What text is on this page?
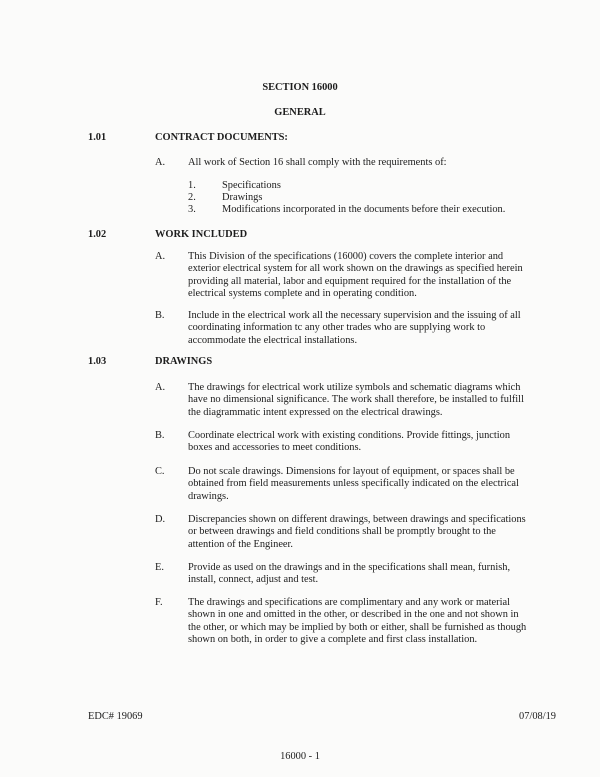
SECTION 16000
GENERAL
1.01	CONTRACT DOCUMENTS:
A. All work of Section 16 shall comply with the requirements of:
1.	Specifications
2.	Drawings
3.	Modifications incorporated in the documents before their execution.
1.02	WORK INCLUDED
A. This Division of the specifications (16000) covers the complete interior and
exterior electrical system for all work shown on the drawings as specified herein
providing all material, labor and equipment required for the installation of the
electrical systems complete and in operating condition.
B. Include in the electrical work all the necessary supervision and the issuing of all
coordinating information tc any other trades who are supplying work to
accommodate the electrical installations.
1.03	DRAWINGS
A. The drawings for electrical work utilize symbols and schematic diagrams which
have no dimensional significance. The work shall therefore, be installed to fulfill
the diagrammatic intent expressed on the electrical drawings.
B. Coordinate electrical work with existing conditions. Provide fittings, junction
boxes and accessories to meet conditions.
C. Do not scale drawings. Dimensions for layout of equipment, or spaces shall be
obtained from field measurements unless specifically indicated on the electrical
drawings.
D. Discrepancies shown on different drawings, between drawings and specifications
or between drawings and field conditions shall be promptly brought to the
attention of the Engineer.
E. Provide as used on the drawings and in the specifications shall mean, furnish,
install, connect, adjust and test.
F. The drawings and specifications are complimentary and any work or material
shown in one and omitted in the other, or described in the one and not shown in
the other, or which may be implied by both or either, shall be furnished as though
shown on both, in order to give a complete and first class installation.
EDC# 19069	07/08/19
16000 - 1
